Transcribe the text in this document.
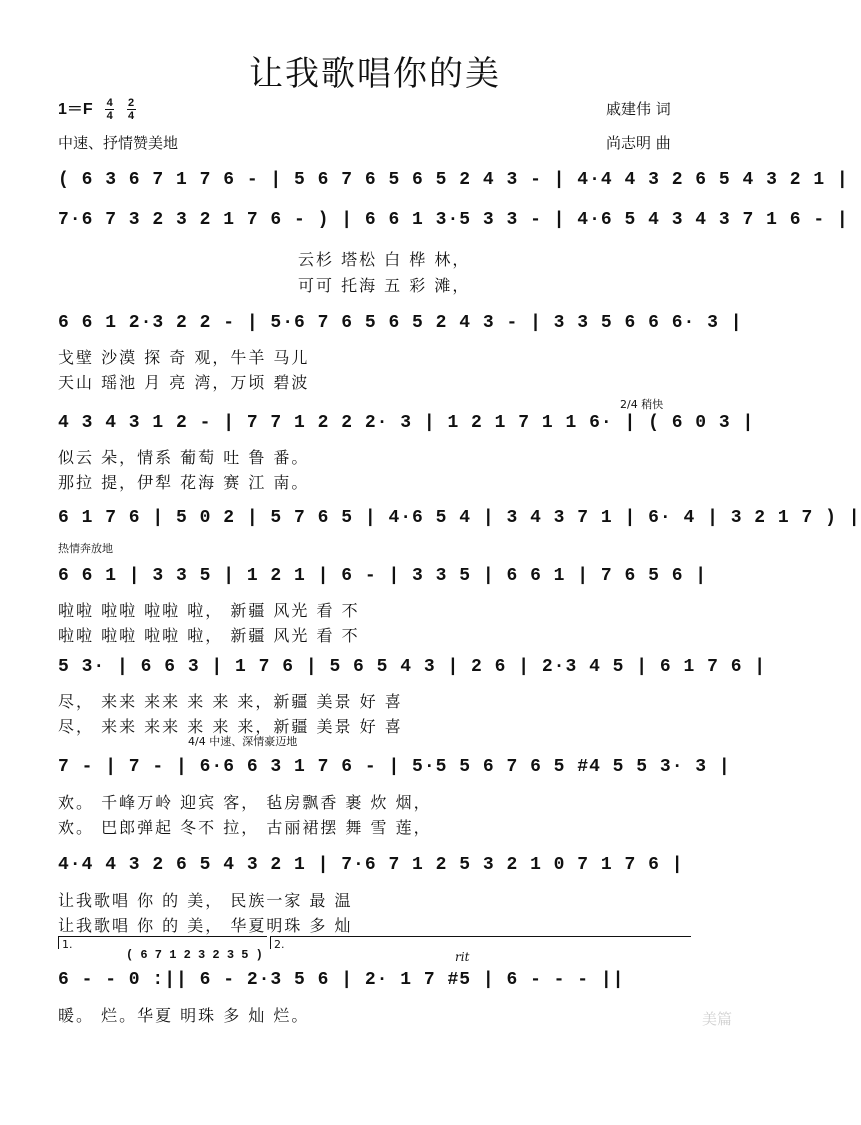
让我歌唱你的美
$1=F \frac{4}{4} \frac{2}{4}$
中速、抒情赞美地
戚建伟 词
尚志明 曲
( 6 3 6 7 1 7 6 - | 5 6 7 6 5 6 5 2 4 3 - | 4·4 4 3 2 6 5 4 3 2 1 |
7·6 7 3 2 3 2 1 7 6 - ) | 6 6 1 3·5 3 3 - | 4·6 5 4 3 4 3 7 1 6 - |
云杉 塔松 白 桦 林，
可可 托海 五 彩 滩，
6 6 1 2·3 2 2 - | 5·6 7 6 5 6 5 2 4 3 - | 3 3 5 6 6 6· 3 |
戈壁 沙漠 探 奇 观，牛羊 马儿
天山 瑶池 月 亮 湾，万顷 碧波
2/4 稍快
4 3 4 3 1 2 - | 7 7 1 2 2 2· 3 | 1 2 1 7 1 1 6· | ( 6 0 3 |
似云 朵，情系 葡萄 吐 鲁 番。
那拉 提，伊犁 花海 赛 江 南。
6 1 7 6 | 5 0 2 | 5 7 6 5 | 4·6 5 4 | 3 4 3 7 1 | 6· 4 | 3 2 1 7 ) |
热情奔放地
6 6 1 | 3 3 5 | 1 2 1 | 6 - | 3 3 5 | 6 6 1 | 7 6 5 6 |
啦啦 啦啦 啦啦 啦， 新疆 风光 看 不
啦啦 啦啦 啦啦 啦， 新疆 风光 看 不
5 3· | 6 6 3 | 1 7 6 | 5 6 5 4 3 | 2 6 | 2·3 4 5 | 6 1 7 6 |
尽， 来来 来来 来 来 来，新疆 美景 好 喜
尽， 来来 来来 来 来 来，新疆 美景 好 喜
4/4 中速、深情豪迈地
7 - | 7 - | 6·6 6 3 1 7 6 - | 5·5 5 6 7 6 5 #4 5 5 3· 3 |
欢。 千峰万岭 迎宾 客， 毡房飘香 裹 炊 烟，
欢。 巴郎弹起 冬不 拉， 古丽裙摆 舞 雪 莲，
4·4 4 3 2 6 5 4 3 2 1 | 7·6 7 1 2 5 3 2 1 0 7 1 7 6 |
让我歌唱 你 的 美， 民族一家 最 温
让我歌唱 你 的 美， 华夏明珠 多 灿
1.	2.
( 6 7 1 2 3 2 3 5 )	rit
6 - - 0 :|| 6 - 2·3 5 6 | 2· 1 7 #5 | 6 - - - ||
暖。 烂。华夏 明珠 多 灿 烂。	美篇
